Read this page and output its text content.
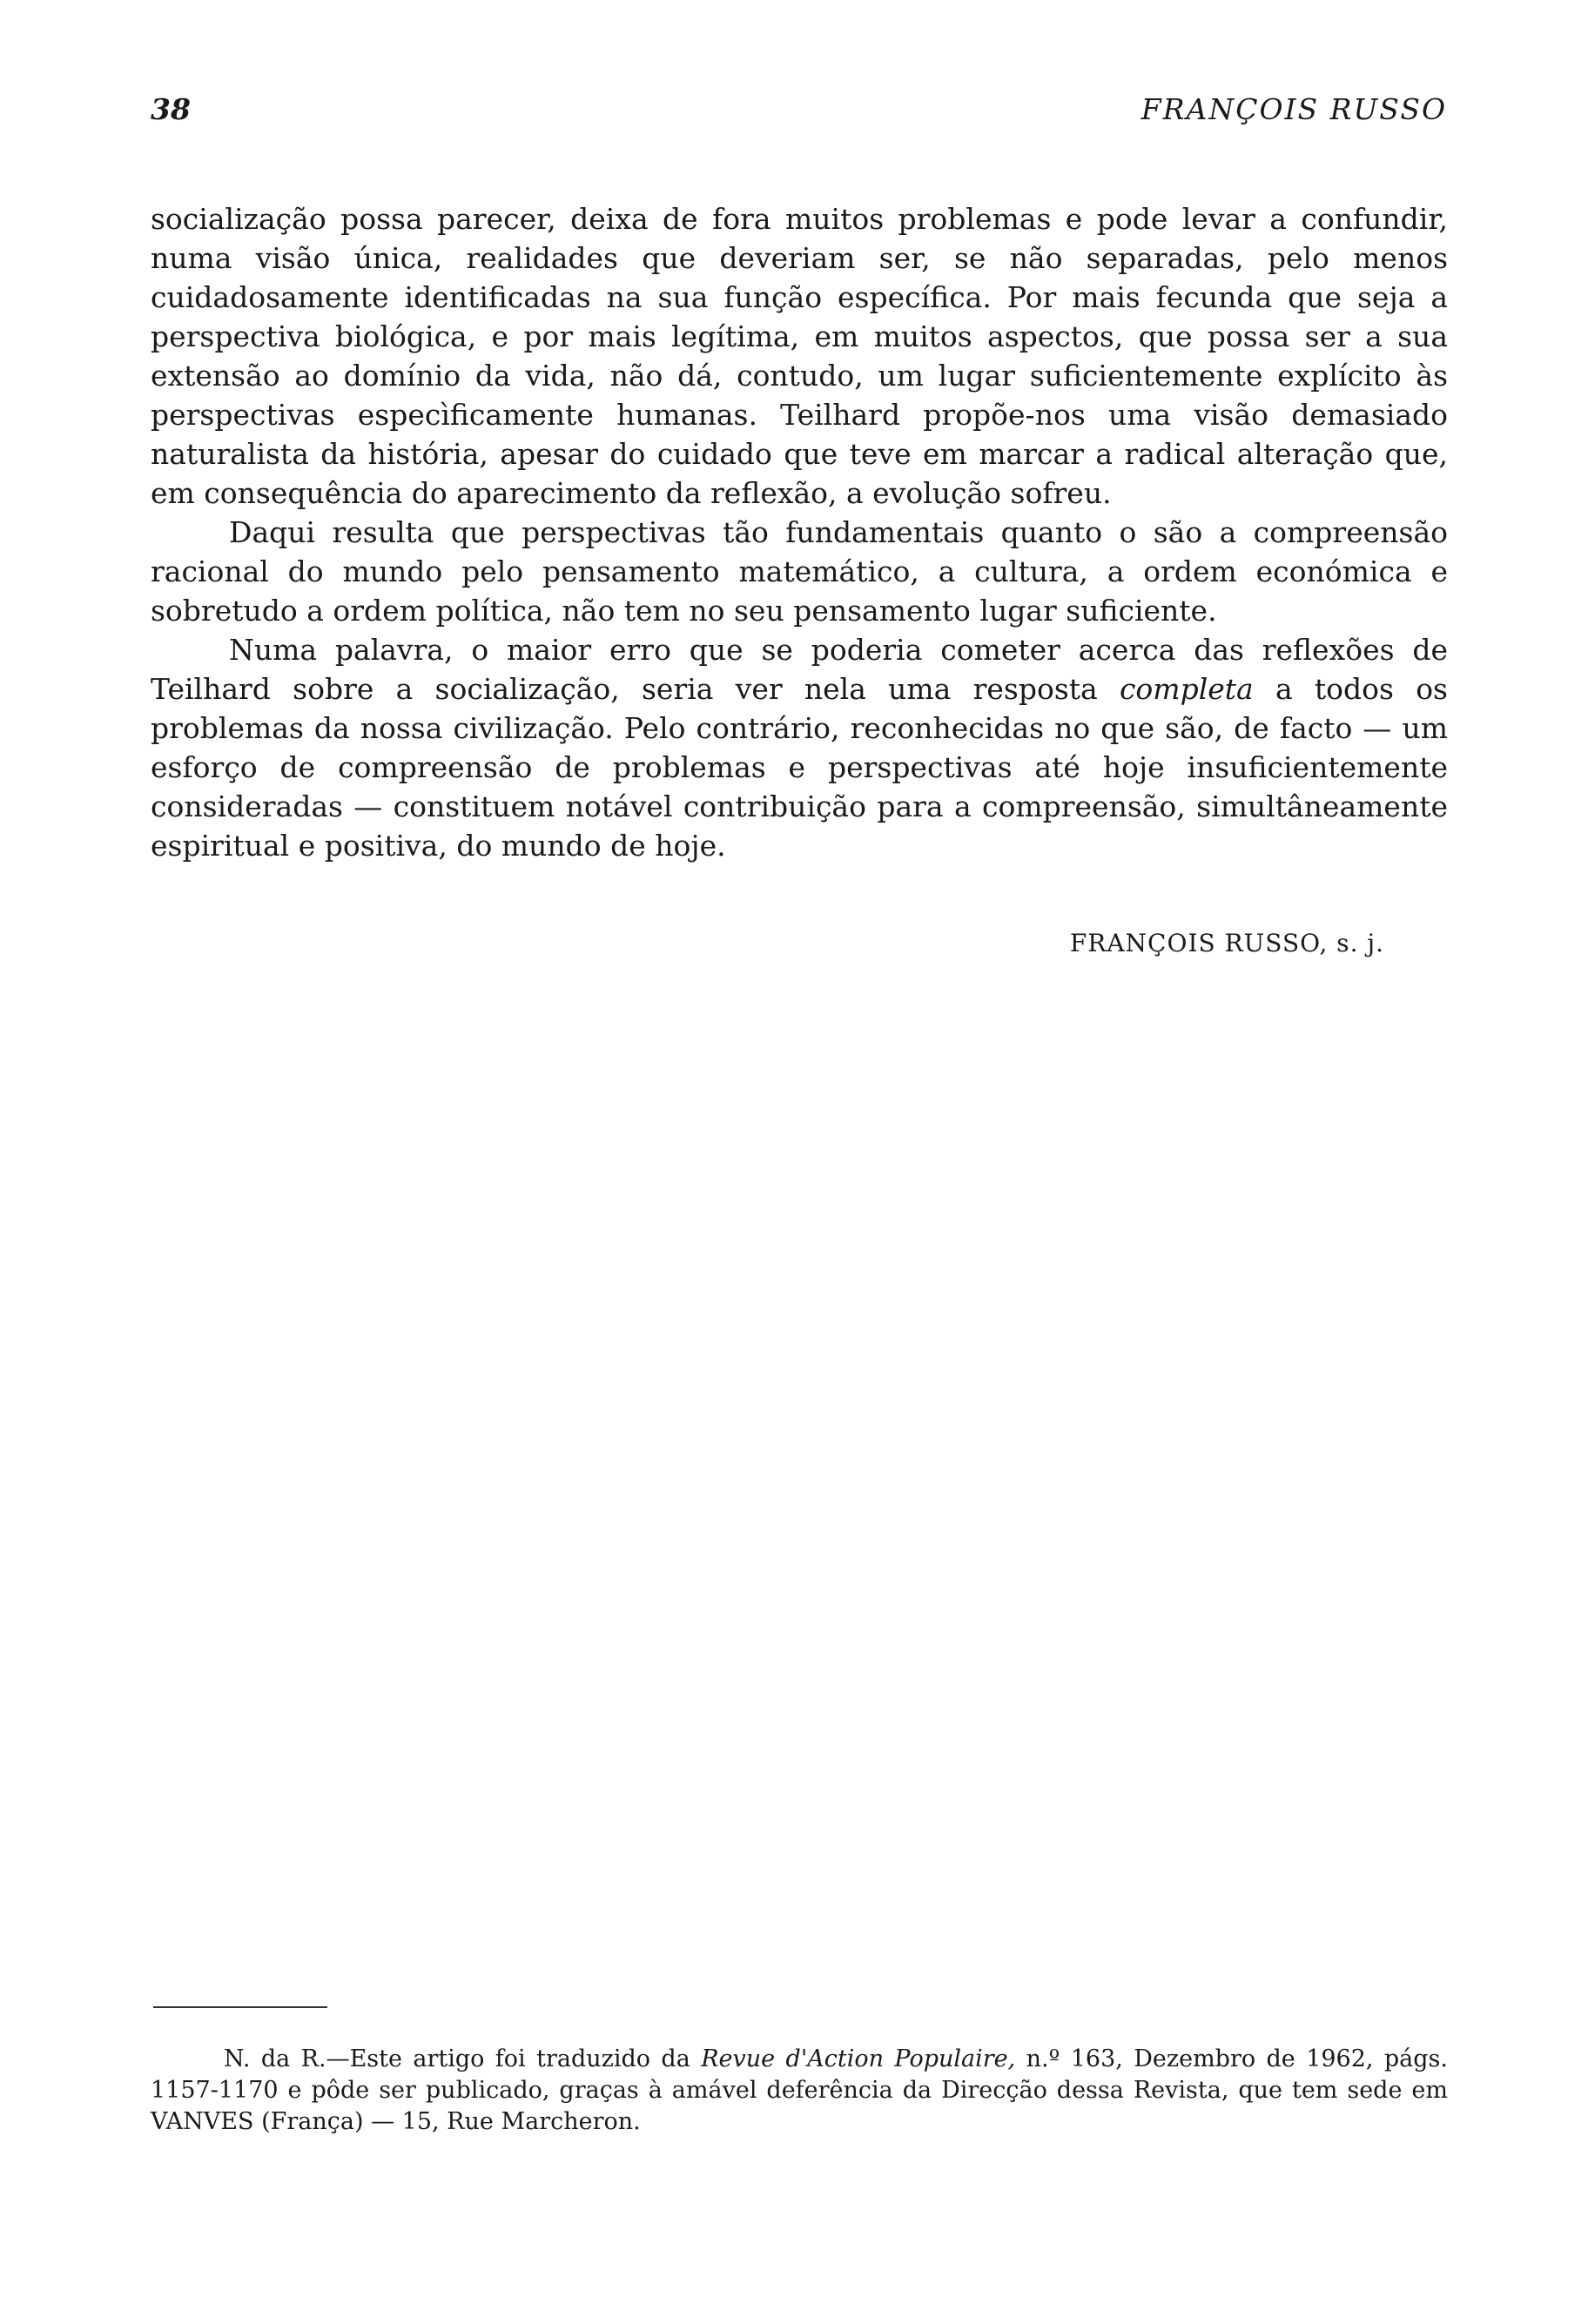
38	FRANÇOIS RUSSO

socialização possa parecer, deixa de fora muitos problemas e pode levar a confundir, numa visão única, realidades que deveriam ser, se não separadas, pelo menos cuidadosamente identificadas na sua função específica. Por mais fecunda que seja a perspectiva biológica, e por mais legítima, em muitos aspectos, que possa ser a sua extensão ao domínio da vida, não dá, contudo, um lugar suficientemente explícito às perspectivas especìficamente humanas. Teilhard propõe-nos uma visão demasiado naturalista da história, apesar do cuidado que teve em marcar a radical alteração que, em consequência do aparecimento da reflexão, a evolução sofreu.

Daqui resulta que perspectivas tão fundamentais quanto o são a compreensão racional do mundo pelo pensamento matemático, a cultura, a ordem económica e sobretudo a ordem política, não tem no seu pensamento lugar suficiente.

Numa palavra, o maior erro que se poderia cometer acerca das reflexões de Teilhard sobre a socialização, seria ver nela uma resposta completa a todos os problemas da nossa civilização. Pelo contrário, reconhecidas no que são, de facto — um esforço de compreensão de problemas e perspectivas até hoje insuficientemente consideradas — constituem notável contribuição para a compreensão, simultâneamente espiritual e positiva, do mundo de hoje.

FRANÇOIS RUSSO, s. j.
N. da R.—Este artigo foi traduzido da Revue d'Action Populaire, n.º 163, Dezembro de 1962, págs. 1157-1170 e pôde ser publicado, graças à amável deferência da Direcção dessa Revista, que tem sede em VANVES (França) — 15, Rue Marcheron.
